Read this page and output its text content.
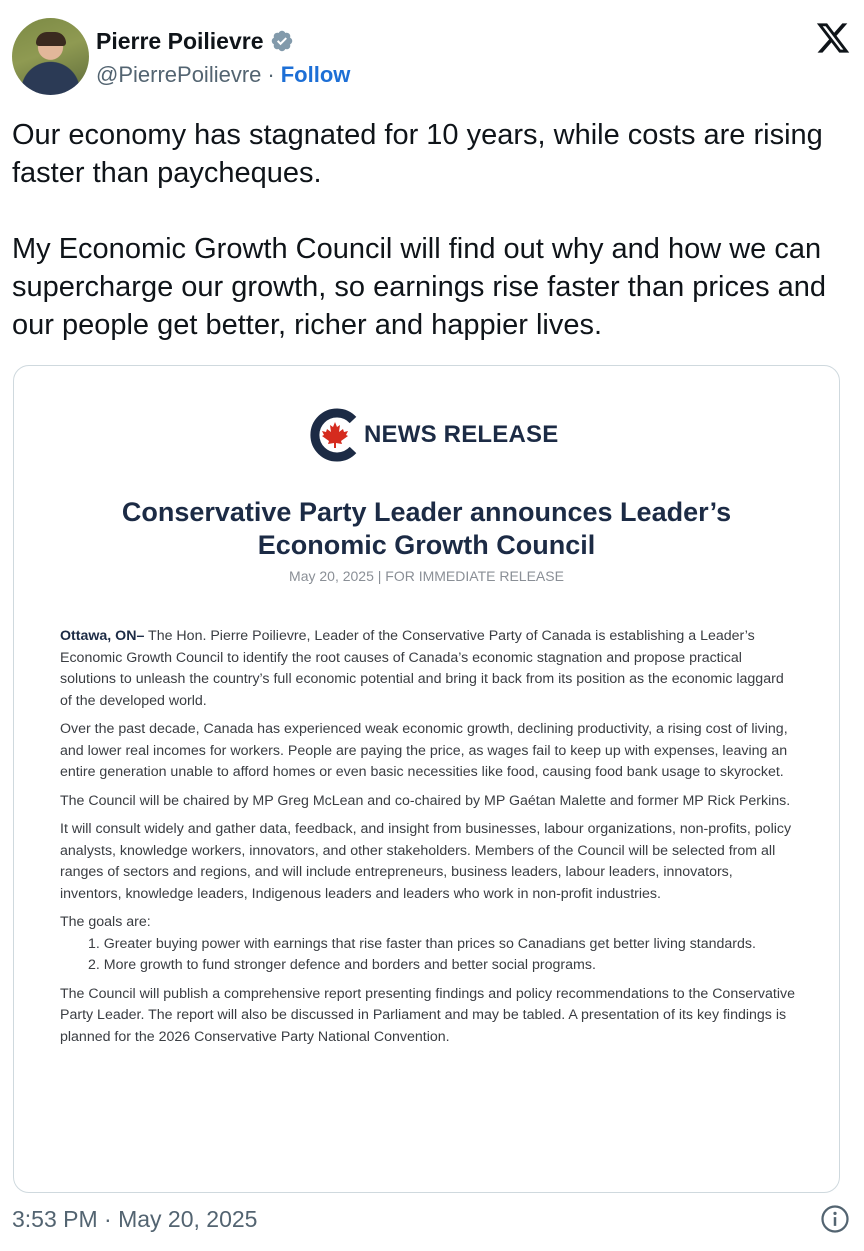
Pierre Poilievre
@PierrePoilievre · Follow

Our economy has stagnated for 10 years, while costs are rising faster than paycheques.

My Economic Growth Council will find out why and how we can supercharge our growth, so earnings rise faster than prices and our people get better, richer and happier lives.

NEWS RELEASE
Conservative Party Leader announces Leader’s
Economic Growth Council
May 20, 2025 | FOR IMMEDIATE RELEASE

Ottawa, ON– The Hon. Pierre Poilievre, Leader of the Conservative Party of Canada is establishing a Leader’s Economic Growth Council to identify the root causes of Canada’s economic stagnation and propose practical solutions to unleash the country’s full economic potential and bring it back from its position as the economic laggard of the developed world.

Over the past decade, Canada has experienced weak economic growth, declining productivity, a rising cost of living, and lower real incomes for workers. People are paying the price, as wages fail to keep up with expenses, leaving an entire generation unable to afford homes or even basic necessities like food, causing food bank usage to skyrocket.

The Council will be chaired by MP Greg McLean and co-chaired by MP Gaétan Malette and former MP Rick Perkins.

It will consult widely and gather data, feedback, and insight from businesses, labour organizations, non-profits, policy analysts, knowledge workers, innovators, and other stakeholders. Members of the Council will be selected from all ranges of sectors and regions, and will include entrepreneurs, business leaders, labour leaders, innovators, inventors, knowledge leaders, Indigenous leaders and leaders who work in non-profit industries.

The goals are:

1. Greater buying power with earnings that rise faster than prices so Canadians get better living standards.
2. More growth to fund stronger defence and borders and better social programs.

The Council will publish a comprehensive report presenting findings and policy recommendations to the Conservative Party Leader. The report will also be discussed in Parliament and may be tabled. A presentation of its key findings is planned for the 2026 Conservative Party National Convention.

3:53 PM · May 20, 2025
